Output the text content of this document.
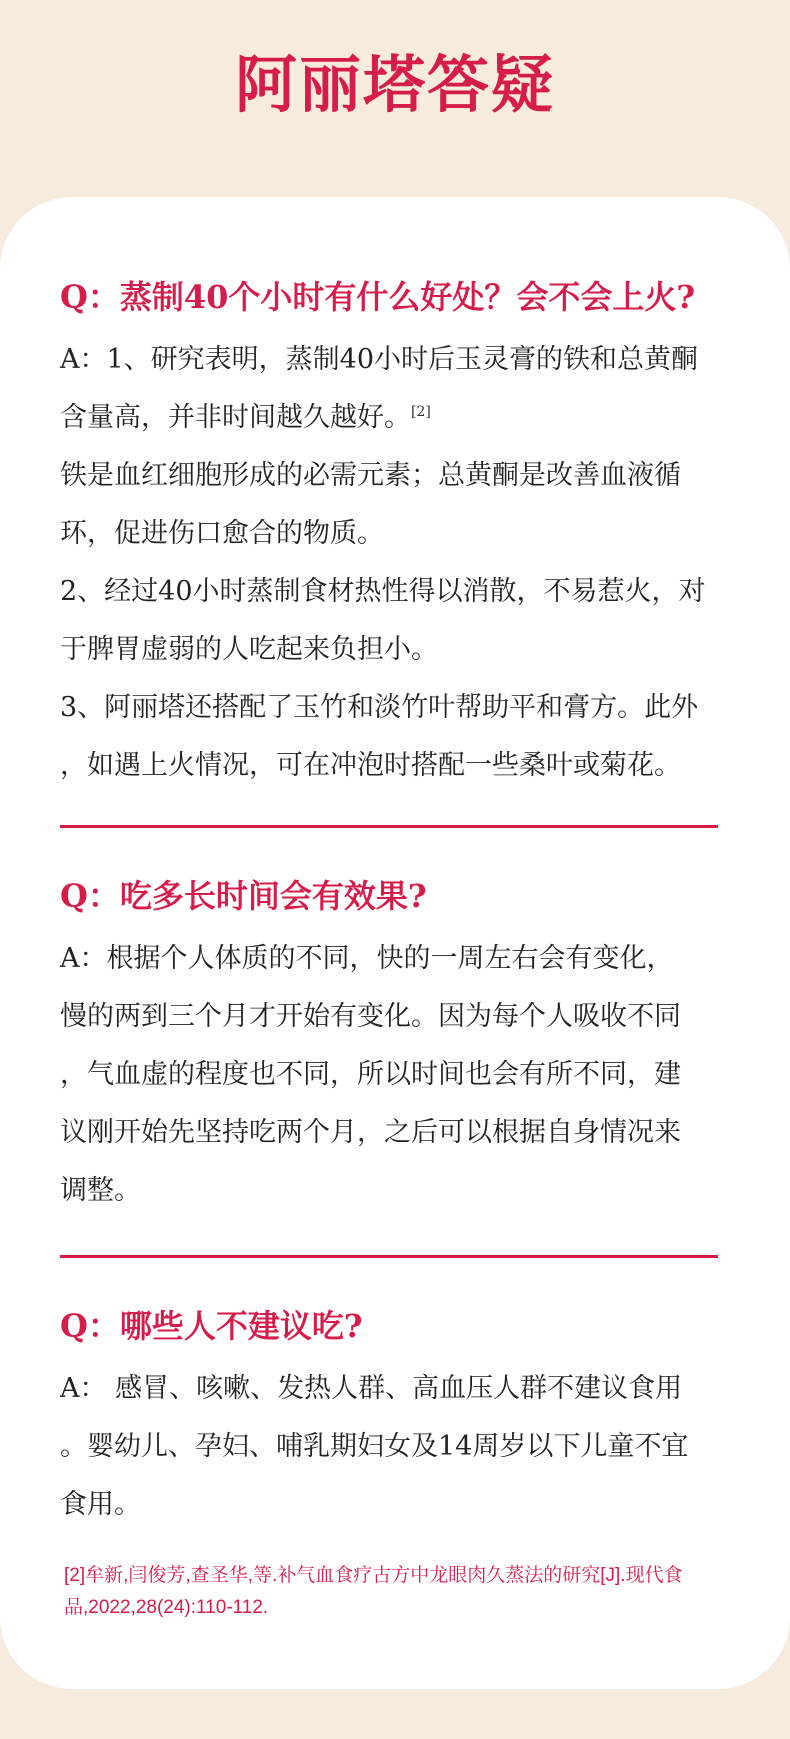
阿丽塔答疑
Q：蒸制40个小时有什么好处？会不会上火?

A：1、研究表明，蒸制40小时后玉灵膏的铁和总黄酮

含量高，并非时间越久越好。[2]

铁是血红细胞形成的必需元素；总黄酮是改善血液循

环，促进伤口愈合的物质。

2、经过40小时蒸制食材热性得以消散，不易惹火，对

于脾胃虚弱的人吃起来负担小。

3、阿丽塔还搭配了玉竹和淡竹叶帮助平和膏方。此外

，如遇上火情况，可在冲泡时搭配一些桑叶或菊花。

Q：吃多长时间会有效果?

A：根据个人体质的不同，快的一周左右会有变化，

慢的两到三个月才开始有变化。因为每个人吸收不同

，气血虚的程度也不同，所以时间也会有所不同，建

议刚开始先坚持吃两个月，之后可以根据自身情况来

调整。

Q：哪些人不建议吃?

A： 感冒、咳嗽、发热人群、高血压人群不建议食用

。婴幼儿、孕妇、哺乳期妇女及14周岁以下儿童不宜

食用。

[2]牟新,闫俊芳,查圣华,等.补气血食疗古方中龙眼肉久蒸法的研究[J].现代食品,2022,28(24):110-112.
